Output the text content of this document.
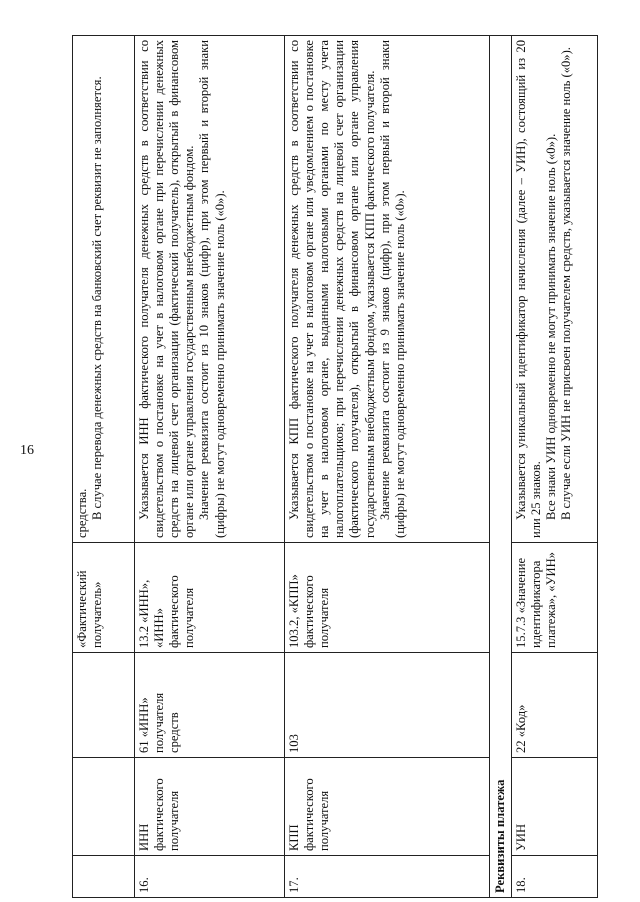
16
			«Фактический получатель»	средства. В случае перевода денежных средств на банковский счет реквизит не заполняется.

16.	ИНН фактического получателя	61 «ИНН» получателя средств	13.2 «ИНН», «ИНН» фактического получателя	Указывается ИНН фактического получателя денежных средств в соответствии со свидетельством о постановке на учет в налоговом органе при перечислении денежных средств на лицевой счет организации (фактический получатель), открытый в финансовом органе или органе управления государственным внебюджетным фондом. Значение реквизита состоит из 10 знаков (цифр), при этом первый и второй знаки (цифры) не могут одновременно принимать значение ноль («0»).

17.	КПП фактического получателя	103	103.2, «КПП» фактического получателя	Указывается КПП фактического получателя денежных средств в соответствии со свидетельством о постановке на учет в налоговом органе или уведомлением о постановке на учет в налоговом органе, выданными налоговыми органами по месту учета налогоплательщиков; при перечислении денежных средств на лицевой счет организации (фактического получателя), открытый в финансовом органе или органе управления государственным внебюджетным фондом, указывается КПП фактического получателя. Значение реквизита состоит из 9 знаков (цифр), при этом первый и второй знаки (цифры) не могут одновременно принимать значение ноль («0»).

Реквизиты платежа				
18.	УИН	22 «Код»	15.7.3 «Значение идентификатора платежа», «УИН»	Указывается уникальный идентификатор начисления (далее – УИН), состоящий из 20 или 25 знаков. Все знаки УИН одновременно не могут принимать значение ноль («0»). В случае если УИН не присвоен получателем средств, указывается значение ноль («0»).
